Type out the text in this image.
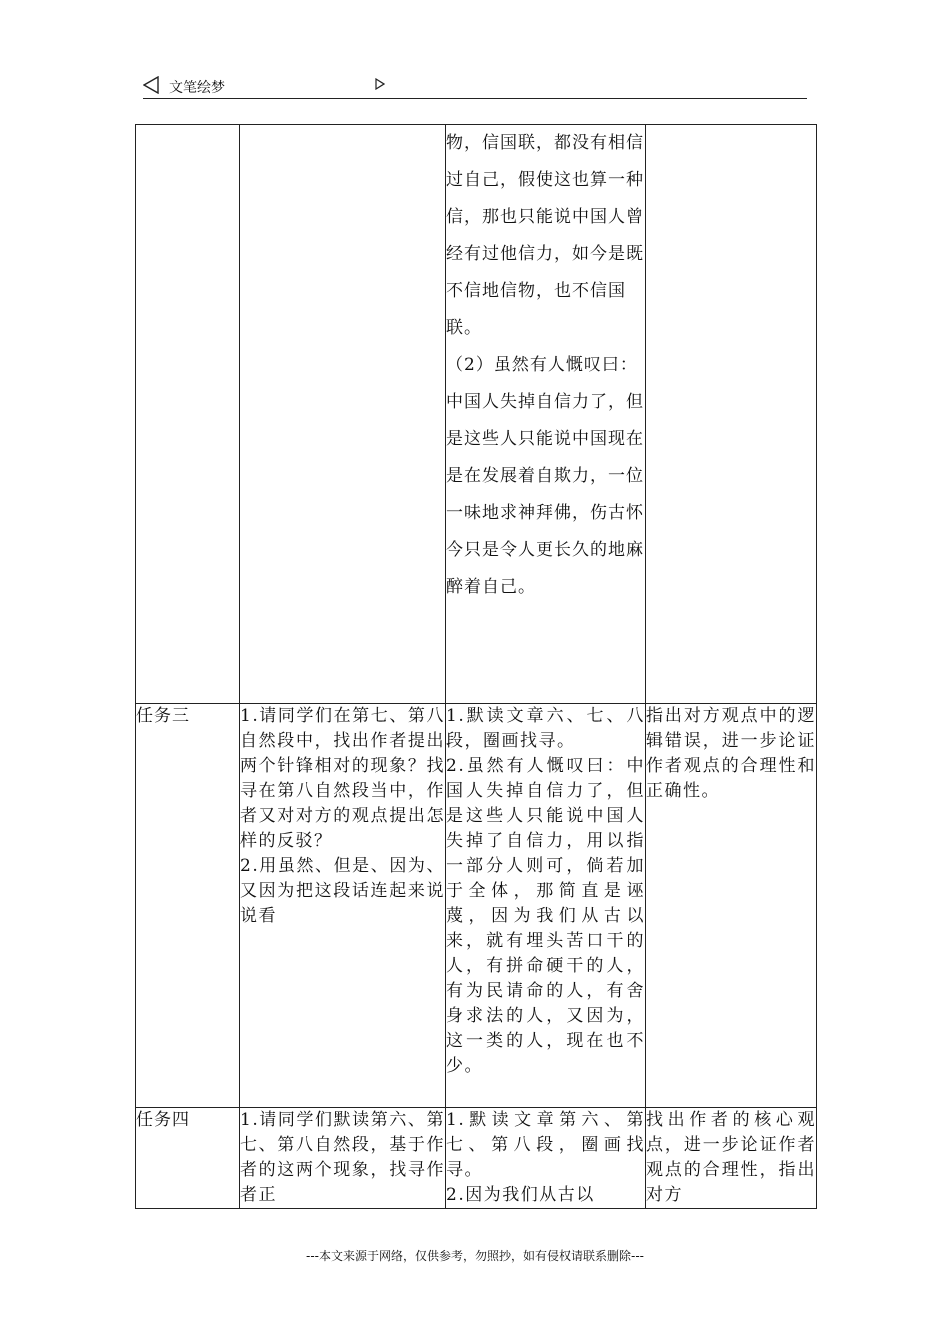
文笔绘梦

		物，信国联，都没有相信过自己，假使这也算一种信，那也只能说中国人曾经有过他信力，如今是既不信地信物，也不信国联。
（2）虽然有人慨叹曰：中国人失掉自信力了，但是这些人只能说中国现在是在发展着自欺力，一位一味地求神拜佛，伤古怀今只是令人更长久的地麻醉着自己。	

任务三	1.请同学们在第七、第八自然段中，找出作者提出两个针锋相对的现象？找寻在第八自然段当中，作者又对对方的观点提出怎样的反驳？
2.用虽然、但是、因为、又因为把这段话连起来说说看	1.默读文章六、七、八段，圈画找寻。
2.虽然有人慨叹曰：中国人失掉自信力了，但是这些人只能说中国人失掉了自信力，用以指一部分人则可，倘若加于全体，那简直是诬蔑，因为我们从古以来，就有埋头苦口干的人，有拼命硬干的人，有为民请命的人，有舍身求法的人，又因为，这一类的人，现在也不少。	指出对方观点中的逻辑错误，进一步论证作者观点的合理性和正确性。
任务四	1.请同学们默读第六、第七、第八自然段，基于作者的这两个现象，找寻作者正	1.默读文章第六、第七、第八段，圈画找寻。
2.因为我们从古以	找出作者的核心观点，进一步论证作者观点的合理性，指出对方
---本文来源于网络，仅供参考，勿照抄，如有侵权请联系删除---
